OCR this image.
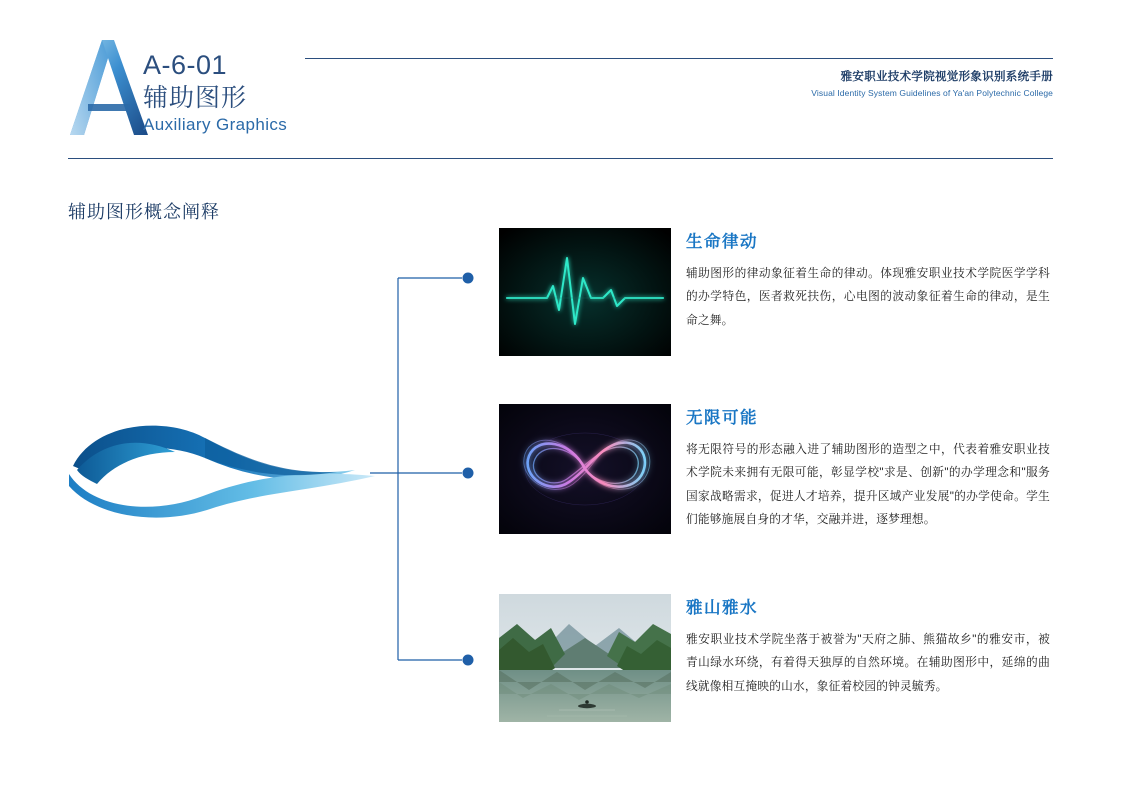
A-6-01
辅助图形
Auxiliary Graphics
雅安职业技术学院视觉形象识别系统手册
Visual Identity System Guidelines of Ya'an Polytechnic College
辅助图形概念阐释
生命律动

辅助图形的律动象征着生命的律动。体现雅安职业技术学院医学学科的办学特色，医者救死扶伤，心电图的波动象征着生命的律动，是生命之舞。

无限可能

将无限符号的形态融入进了辅助图形的造型之中，代表着雅安职业技术学院未来拥有无限可能，彰显学校"求是、创新"的办学理念和"服务国家战略需求，促进人才培养，提升区域产业发展"的办学使命。学生们能够施展自身的才华，交融并进，逐梦理想。

雅山雅水

雅安职业技术学院坐落于被誉为"天府之肺、熊猫故乡"的雅安市，被青山绿水环绕，有着得天独厚的自然环境。在辅助图形中，延绵的曲线就像相互掩映的山水，象征着校园的钟灵毓秀。
